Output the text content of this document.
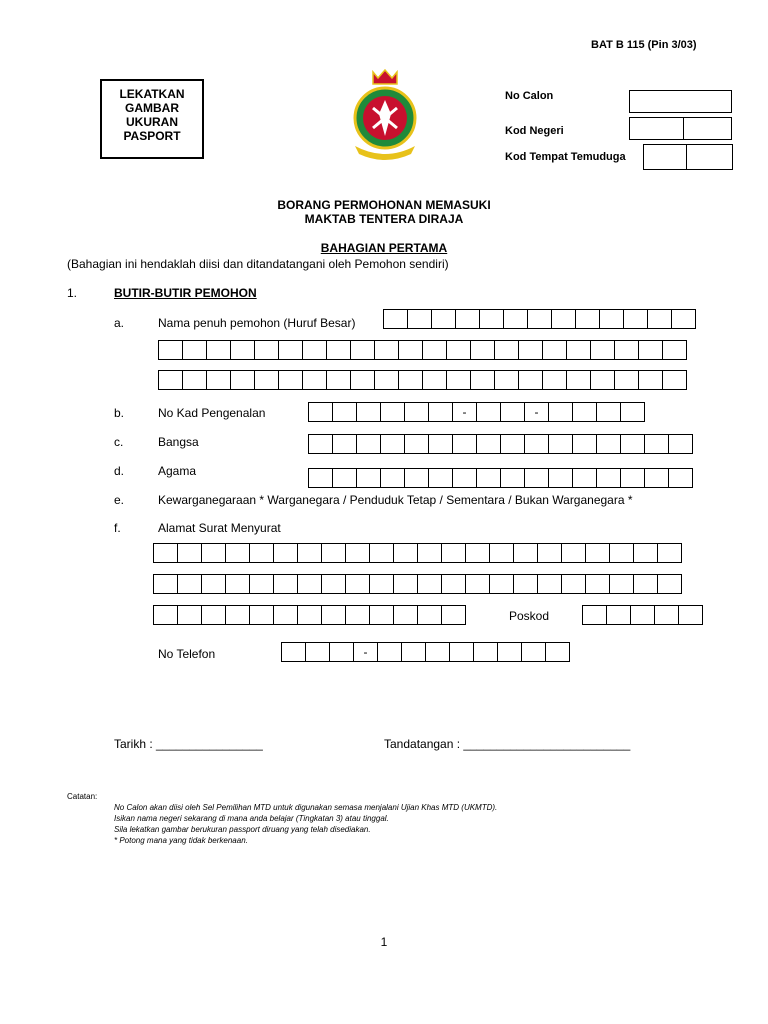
BAT B 115 (Pin 3/03)
LEKATKAN
GAMBAR
UKURAN
PASPORT
No Calon
Kod Negeri
Kod Tempat Temuduga
BORANG PERMOHONAN MEMASUKI
MAKTAB TENTERA DIRAJA
BAHAGIAN PERTAMA
(Bahagian ini hendaklah diisi dan ditandatangani oleh Pemohon sendiri)
1.	BUTIR-BUTIR PEMOHON
a.	Nama penuh pemohon (Huruf Besar)
b.	No Kad Pengenalan	-	-
c.	Bangsa
d.	Agama
e.	Kewarganegaraan * Warganegara / Penduduk Tetap / Sementara / Bukan Warganegara *
f.	Alamat Surat Menyurat
Poskod
No Telefon	-
Tarikh : ________________	Tandatangan : _________________________
Catatan:
No Calon akan diisi oleh Sel Pemilihan MTD untuk digunakan semasa menjalani Ujian Khas MTD (UKMTD).
Isikan nama negeri sekarang di mana anda belajar (Tingkatan 3) atau tinggal.
Sila lekatkan gambar berukuran passport diruang yang telah disediakan.
* Potong mana yang tidak berkenaan.
1
